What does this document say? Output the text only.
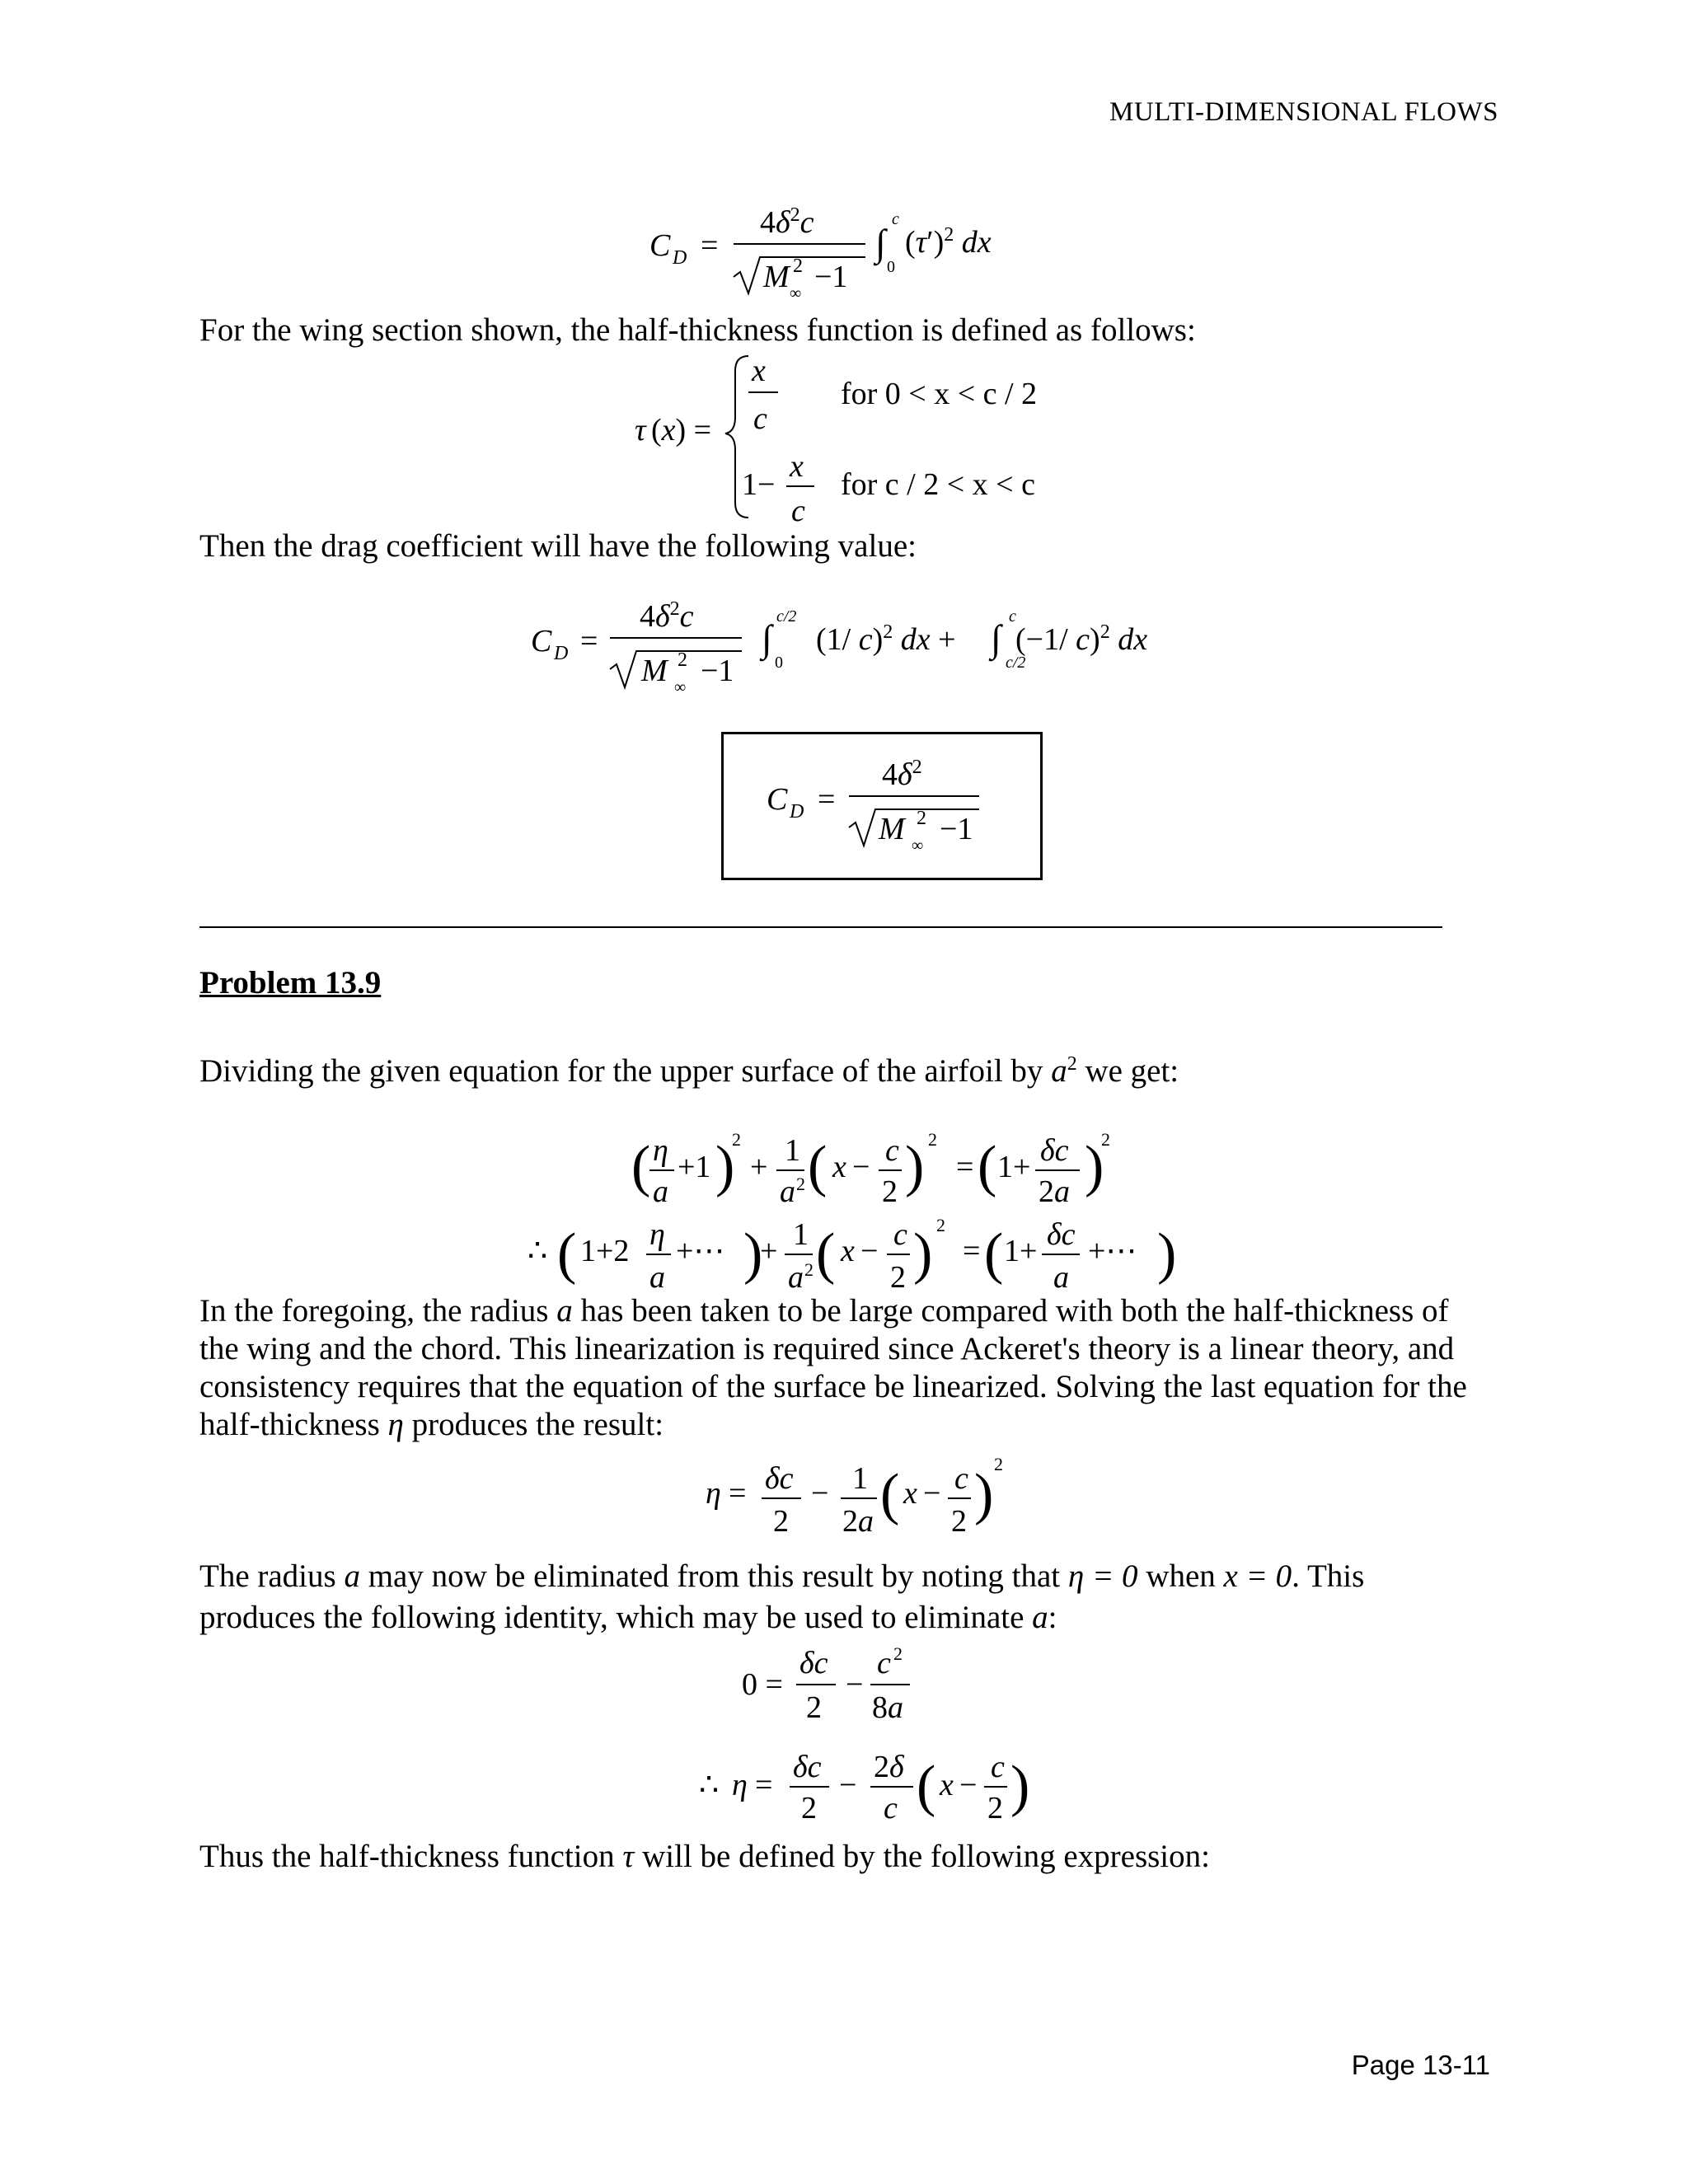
MULTI-DIMENSIONAL FLOWS
C D =
$4\delta^2c$
M 2
∞ −1
∫
c
0
$(\tau')^2$ dx
τ (x) =
x
c
for 0 < x < c / 2
1−
x
c
for c / 2 < x < c
C D =
$4\delta^2c$
M 2
∞ −1
∫
c/2
0
(1/ c)$^2$ dx + ∫
c
c/2
(−1/ c)$^2$ dx
C D =
$4\delta^2$
M 2
∞ −1
( η
a
+1 )
2
+ 1
a 2 ( x − c
2 ) 2
= ( 1+ δc
2a )
2
∴ ( 1+2 η
a
+⋯ )
+ 1
a 2 ( x − c
2 ) 2
= ( 1+ δc
a
+⋯ )
η = δc
2
− 1
2a ( x − c
2 ) 2
0 =
δc
2
−
c 2
8a
∴ η =
δc
2
−
2δ
c ( x −
c
2 )
For the wing section shown, the half-thickness function is defined as follows:
Then the drag coefficient will have the following value:
Problem 13.9
Dividing the given equation for the upper surface of the airfoil by $a^2$ we get:
In the foregoing, the radius a has been taken to be large compared with both the half-thickness of the wing and the chord. This linearization is required since Ackeret's theory is a linear theory, and consistency requires that the equation of the surface be linearized. Solving the last equation for the half-thickness η produces the result:
The radius a may now be eliminated from this result by noting that η = 0 when x = 0. This produces the following identity, which may be used to eliminate a:
Thus the half-thickness function τ will be defined by the following expression:
Page 13-11
